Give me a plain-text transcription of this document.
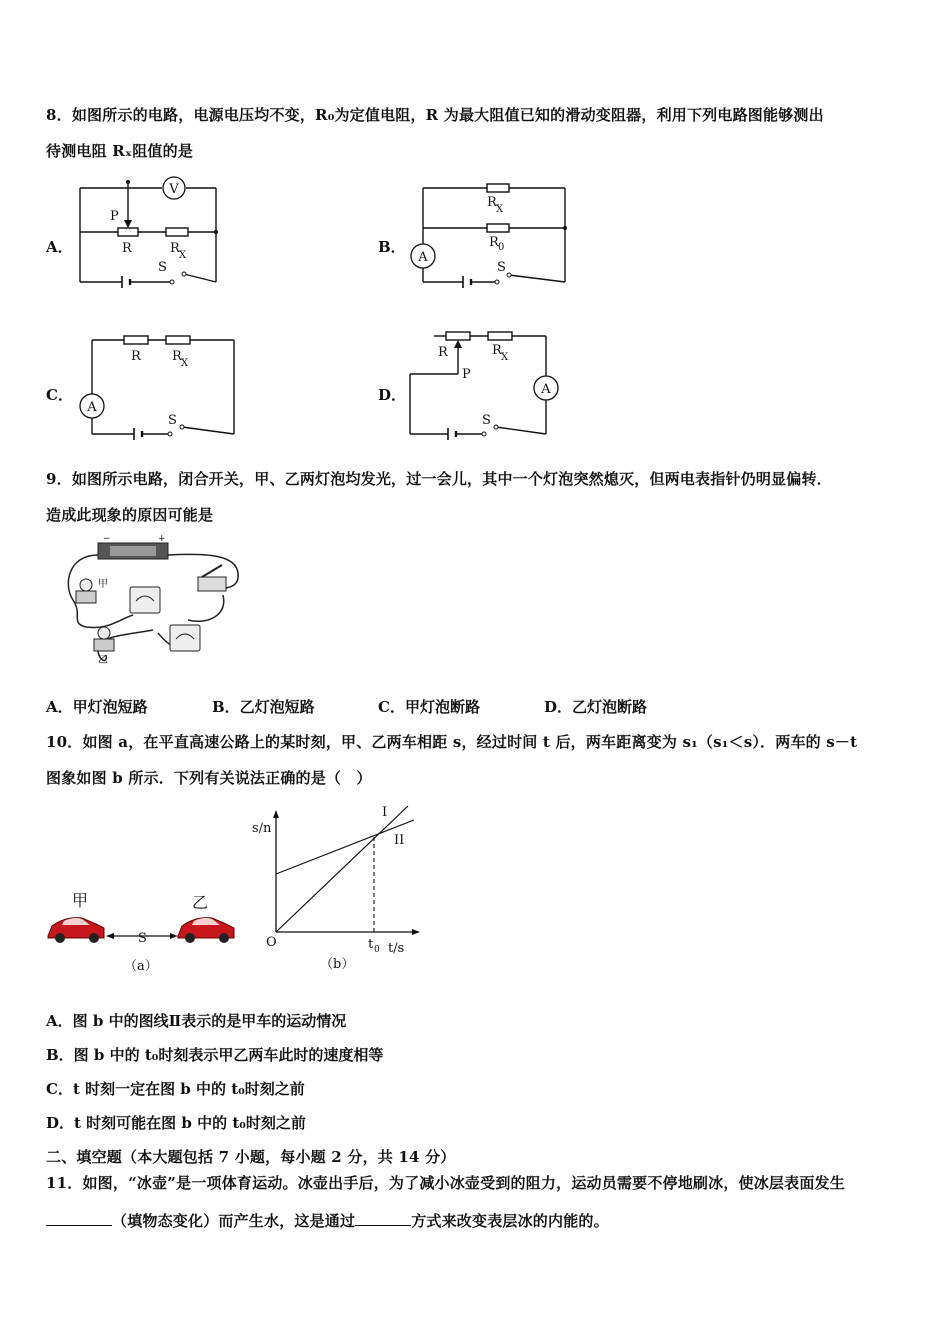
8．如图所示的电路，电源电压均不变，R₀为定值电阻，R 为最大阻值已知的滑动变阻器，利用下列电路图能够测出
待测电阻 Rₓ阻值的是
A．
V
P
R	R X
S
B．
A
R X
R 0
S
C．
A
R R X
S
D．	A
R	R X
P
S
9．如图所示电路，闭合开关，甲、乙两灯泡均发光，过一会儿，其中一个灯泡突然熄灭，但两电表指针仍明显偏转．
造成此现象的原因可能是
−	+
甲
乙
A．甲灯泡短路	B．乙灯泡短路	C．甲灯泡断路	D．乙灯泡断路
10．如图 a，在平直高速公路上的某时刻，甲、乙两车相距 s，经过时间 t 后，两车距离变为 s₁（s₁＜s）．两车的 s－t
图象如图 b 所示．下列有关说法正确的是（　）
甲	乙
S
（a）
s/n
t/s
O	t 0
I
II
（b）
A．图 b 中的图线Ⅱ表示的是甲车的运动情况
B．图 b 中的 t₀时刻表示甲乙两车此时的速度相等
C．t 时刻一定在图 b 中的 t₀时刻之前
D．t 时刻可能在图 b 中的 t₀时刻之前
二、填空题（本大题包括 7 小题，每小题 2 分，共 14 分）
11．如图，“冰壶”是一项体育运动。冰壶出手后，为了减小冰壶受到的阻力，运动员需要不停地刷冰，使冰层表面发生
（填物态变化）而产生水，这是通过	方式来改变表层冰的内能的。
